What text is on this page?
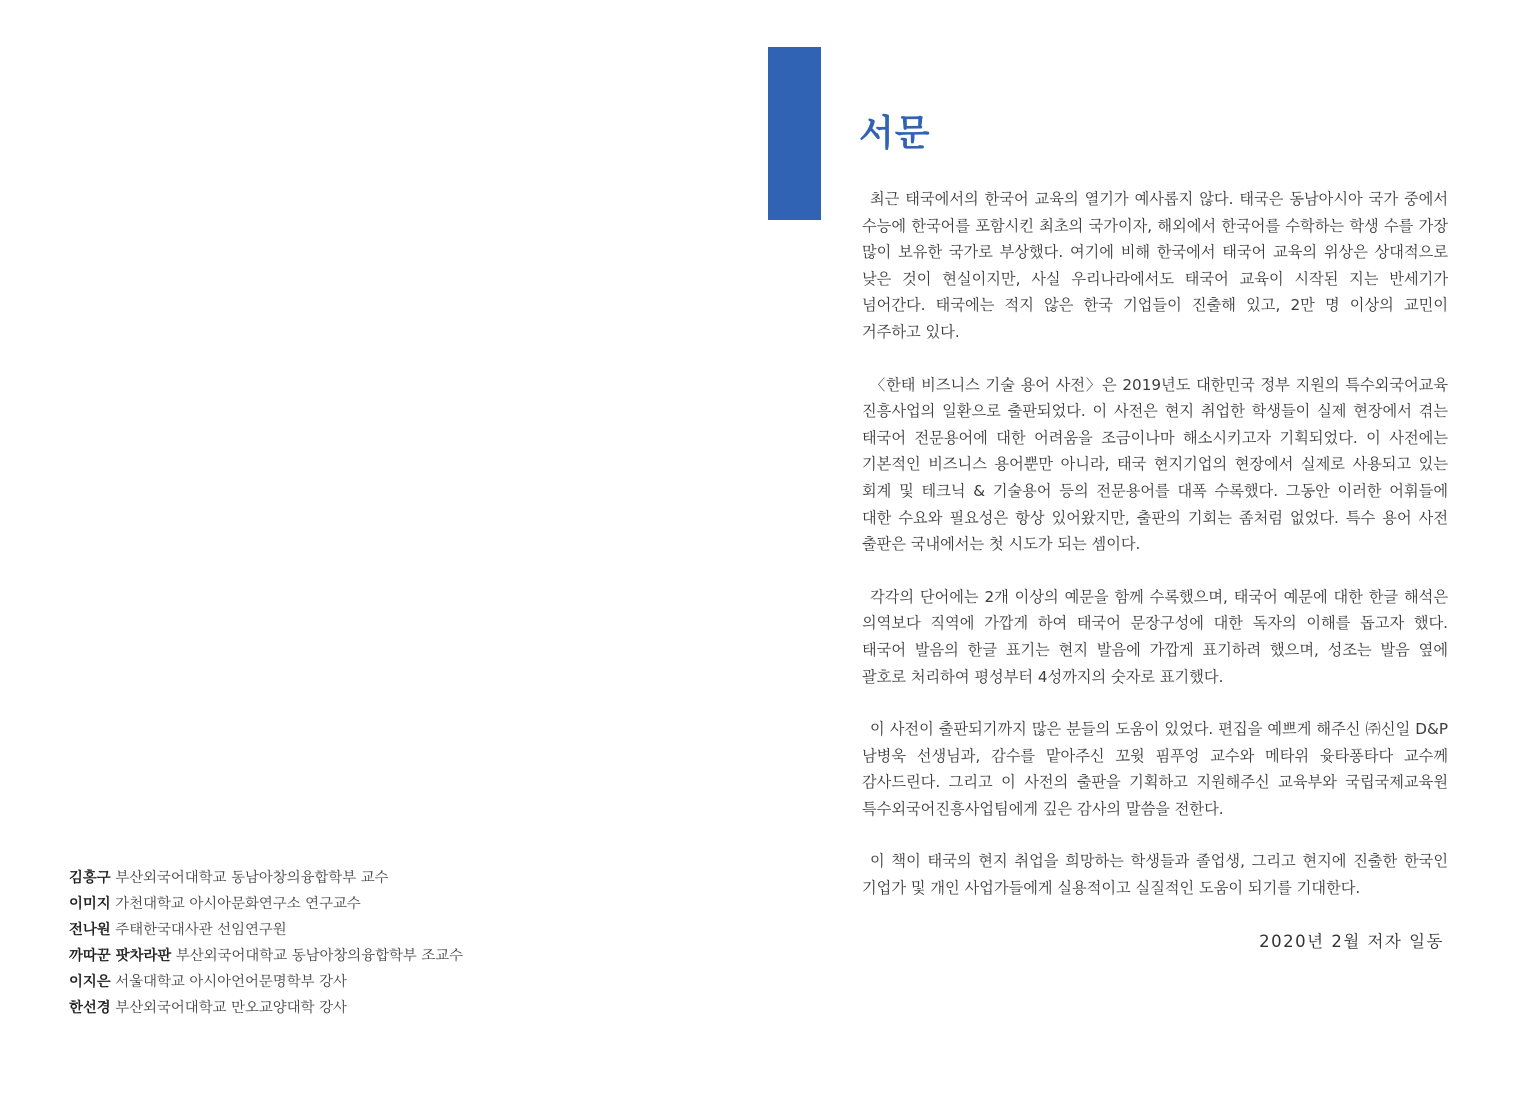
서문

최근 태국에서의 한국어 교육의 열기가 예사롭지 않다. 태국은 동남아시아 국가 중에서 수능에 한국어를 포함시킨 최초의 국가이자, 해외에서 한국어를 수학하는 학생 수를 가장 많이 보유한 국가로 부상했다. 여기에 비해 한국에서 태국어 교육의 위상은 상대적으로 낮은 것이 현실이지만, 사실 우리나라에서도 태국어 교육이 시작된 지는 반세기가 넘어간다. 태국에는 적지 않은 한국 기업들이 진출해 있고, 2만 명 이상의 교민이 거주하고 있다.

〈한태 비즈니스 기술 용어 사전〉은 2019년도 대한민국 정부 지원의 특수외국어교육 진흥사업의 일환으로 출판되었다. 이 사전은 현지 취업한 학생들이 실제 현장에서 겪는 태국어 전문용어에 대한 어려움을 조금이나마 해소시키고자 기획되었다. 이 사전에는 기본적인 비즈니스 용어뿐만 아니라, 태국 현지기업의 현장에서 실제로 사용되고 있는 회계 및 테크닉 & 기술용어 등의 전문용어를 대폭 수록했다. 그동안 이러한 어휘들에 대한 수요와 필요성은 항상 있어왔지만, 출판의 기회는 좀처럼 없었다. 특수 용어 사전 출판은 국내에서는 첫 시도가 되는 셈이다.

각각의 단어에는 2개 이상의 예문을 함께 수록했으며, 태국어 예문에 대한 한글 해석은 의역보다 직역에 가깝게 하여 태국어 문장구성에 대한 독자의 이해를 돕고자 했다. 태국어 발음의 한글 표기는 현지 발음에 가깝게 표기하려 했으며, 성조는 발음 옆에 괄호로 처리하여 평성부터 4성까지의 숫자로 표기했다.

이 사전이 출판되기까지 많은 분들의 도움이 있었다. 편집을 예쁘게 해주신 ㈜신일 D&P 남병욱 선생님과, 감수를 맡아주신 꼬윗 핌푸엉 교수와 메타위 윳타퐁타다 교수께 감사드린다. 그리고 이 사전의 출판을 기획하고 지원해주신 교육부와 국립국제교육원 특수외국어진흥사업팀에게 깊은 감사의 말씀을 전한다.

이 책이 태국의 현지 취업을 희망하는 학생들과 졸업생, 그리고 현지에 진출한 한국인 기업가 및 개인 사업가들에게 실용적이고 실질적인 도움이 되기를 기대한다.

2020년 2월 저자 일동
김홍구 부산외국어대학교 동남아창의융합학부 교수
이미지 가천대학교 아시아문화연구소 연구교수
전나원 주태한국대사관 선임연구원
까따꾼 팟차라판 부산외국어대학교 동남아창의융합학부 조교수
이지은 서울대학교 아시아언어문명학부 강사
한선경 부산외국어대학교 만오교양대학 강사
